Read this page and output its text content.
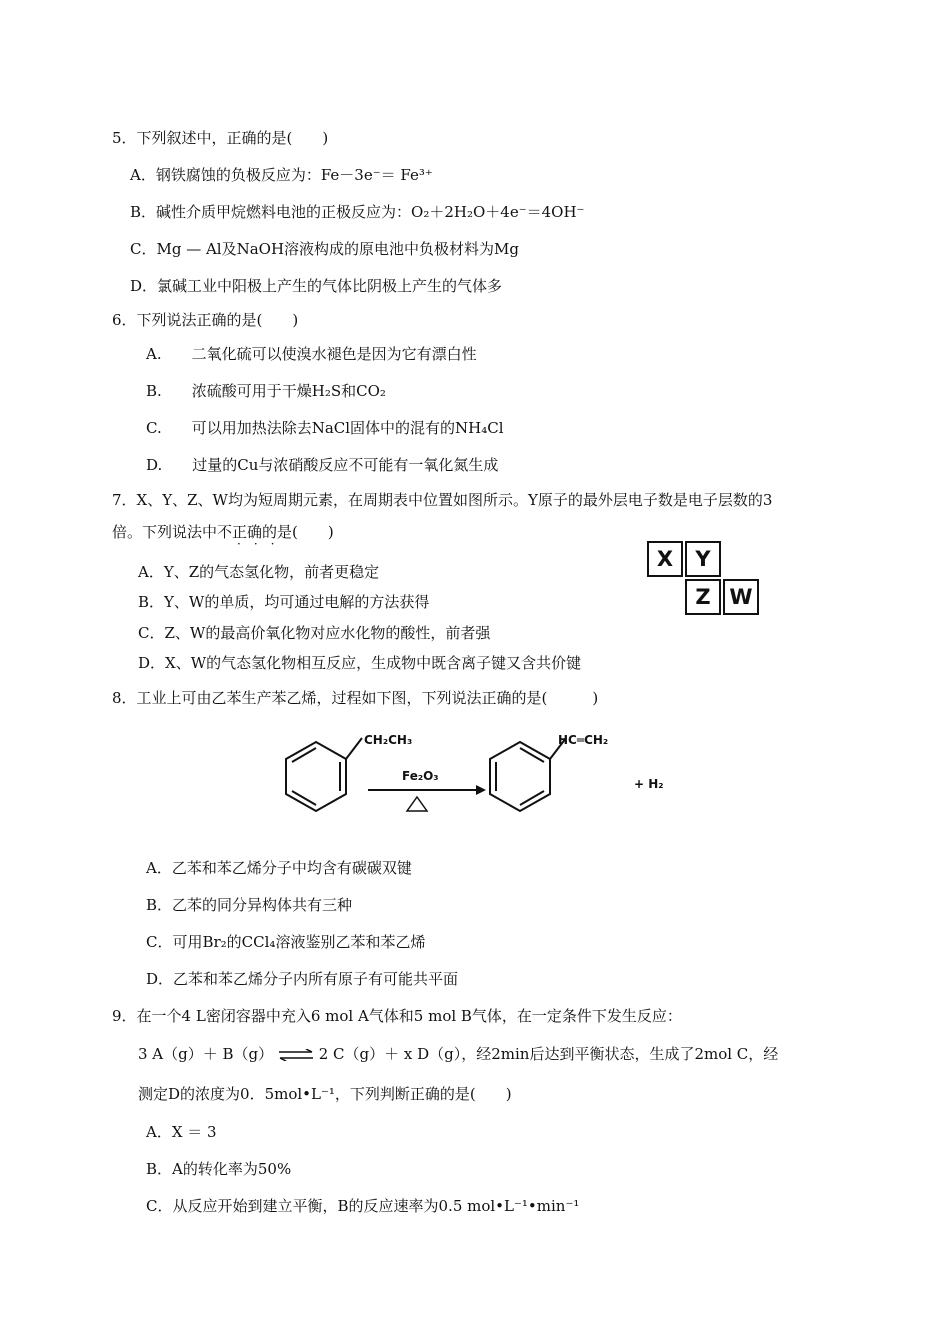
5．下列叙述中，正确的是(　　)
A．钢铁腐蚀的负极反应为：Fe－3e⁻＝ Fe³⁺
B．碱性介质甲烷燃料电池的正极反应为：O₂＋2H₂O＋4e⁻＝4OH⁻
C．Mg — Al及NaOH溶液构成的原电池中负极材料为Mg
D．氯碱工业中阳极上产生的气体比阴极上产生的气体多
6．下列说法正确的是(　　)
A.　　二氧化硫可以使溴水褪色是因为它有漂白性
B.　　浓硫酸可用于干燥H₂S和CO₂
C.　　可以用加热法除去NaCl固体中的混有的NH₄Cl
D.　　过量的Cu与浓硝酸反应不可能有一氧化氮生成
7．X、Y、Z、W均为短周期元素，在周期表中位置如图所示。Y原子的最外层电子数是电子层数的3
倍。下列说法中不正确的是(　　)
···
A．Y、Z的气态氢化物，前者更稳定
B．Y、W的单质，均可通过电解的方法获得
C．Z、W的最高价氧化物对应水化物的酸性，前者强
D．X、W的气态氢化物相互反应，生成物中既含离子键又含共价键
X	Y
Z W
8．工业上可由乙苯生产苯乙烯，过程如下图，下列说法正确的是(　　　)
CH₂CH₃
Fe₂O₃
HC═CH₂
+ H₂
A．乙苯和苯乙烯分子中均含有碳碳双键
B．乙苯的同分异构体共有三种
C．可用Br₂的CCl₄溶液鉴别乙苯和苯乙烯
D．乙苯和苯乙烯分子内所有原子有可能共平面
9．在一个4 L密闭容器中充入6 mol A气体和5 mol B气体，在一定条件下发生反应：
3 A（g）＋ B（g） ⇌ 2 C（g）＋ x D（g），经2min后达到平衡状态，生成了2mol C，经
测定D的浓度为0．5mol•L⁻¹，下列判断正确的是(　　)
A．X ＝ 3
B．A的转化率为50%
C．从反应开始到建立平衡，B的反应速率为0.5 mol•L⁻¹•min⁻¹
